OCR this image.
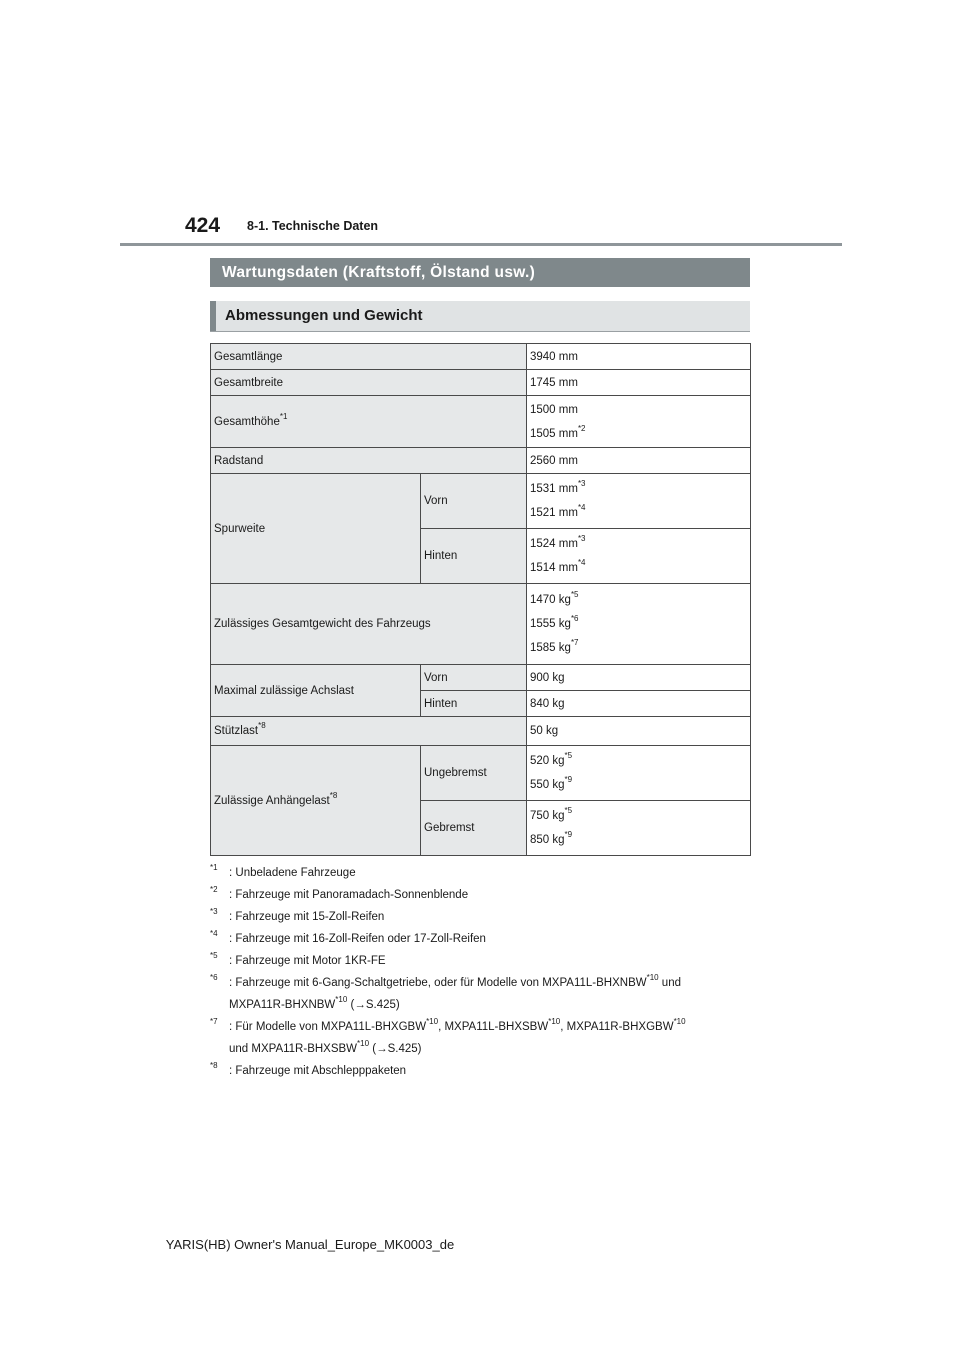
424 8-1. Technische Daten
Wartungsdaten (Kraftstoff, Ölstand usw.)
Abmessungen und Gewicht
Gesamtlänge		3940 mm
Gesamtbreite		1745 mm
Gesamthöhe$^{*1}$		1500 mm
1505 $mm^{*2}$

Radstand		2560 mm
Spurweite	Vorn	1531 $mm^{*3}$
1521 $mm^{*4}$

	Hinten	1524 $mm^{*3}$
1514 $mm^{*4}$

Zulässiges Gesamtgewicht des Fahrzeugs		1470 $kg^{*5}$
1555 $kg^{*6}$
1585 $kg^{*7}$

Maximal zulässige Achslast	Vorn	900 kg
	Hinten	840 kg
Stützlast$^{*8}$		50 kg
Zulässige Anhängelast$^{*8}$	Ungebremst	520 $kg^{*5}$
550 $kg^{*9}$

	Gebremst	750 $kg^{*5}$
850 $kg^{*9}$
$^{*1}$ : Unbeladene Fahrzeuge
$^{*2}$ : Fahrzeuge mit Panoramadach-Sonnenblende
$^{*3}$ : Fahrzeuge mit 15-Zoll-Reifen
$^{*4}$ : Fahrzeuge mit 16-Zoll-Reifen oder 17-Zoll-Reifen
$^{*5}$ : Fahrzeuge mit Motor 1KR-FE
$^{*6}$ : Fahrzeuge mit 6-Gang-Schaltgetriebe, oder für Modelle von MXPA11L-BHXNBW$^{*10}$ und
MXPA11R-BHXNBW$^{*10}$ (→S.425)
$^{*7}$ : Für Modelle von MXPA11L-BHXGBW$^{*10}$, MXPA11L-BHXSBW$^{*10}$, MXPA11R-BHXGBW$^{*10}$
und MXPA11R-BHXSBW$^{*10}$ (→S.425)
$^{*8}$ : Fahrzeuge mit Abschlepppaketen
YARIS(HB) Owner's Manual_Europe_MK0003_de
